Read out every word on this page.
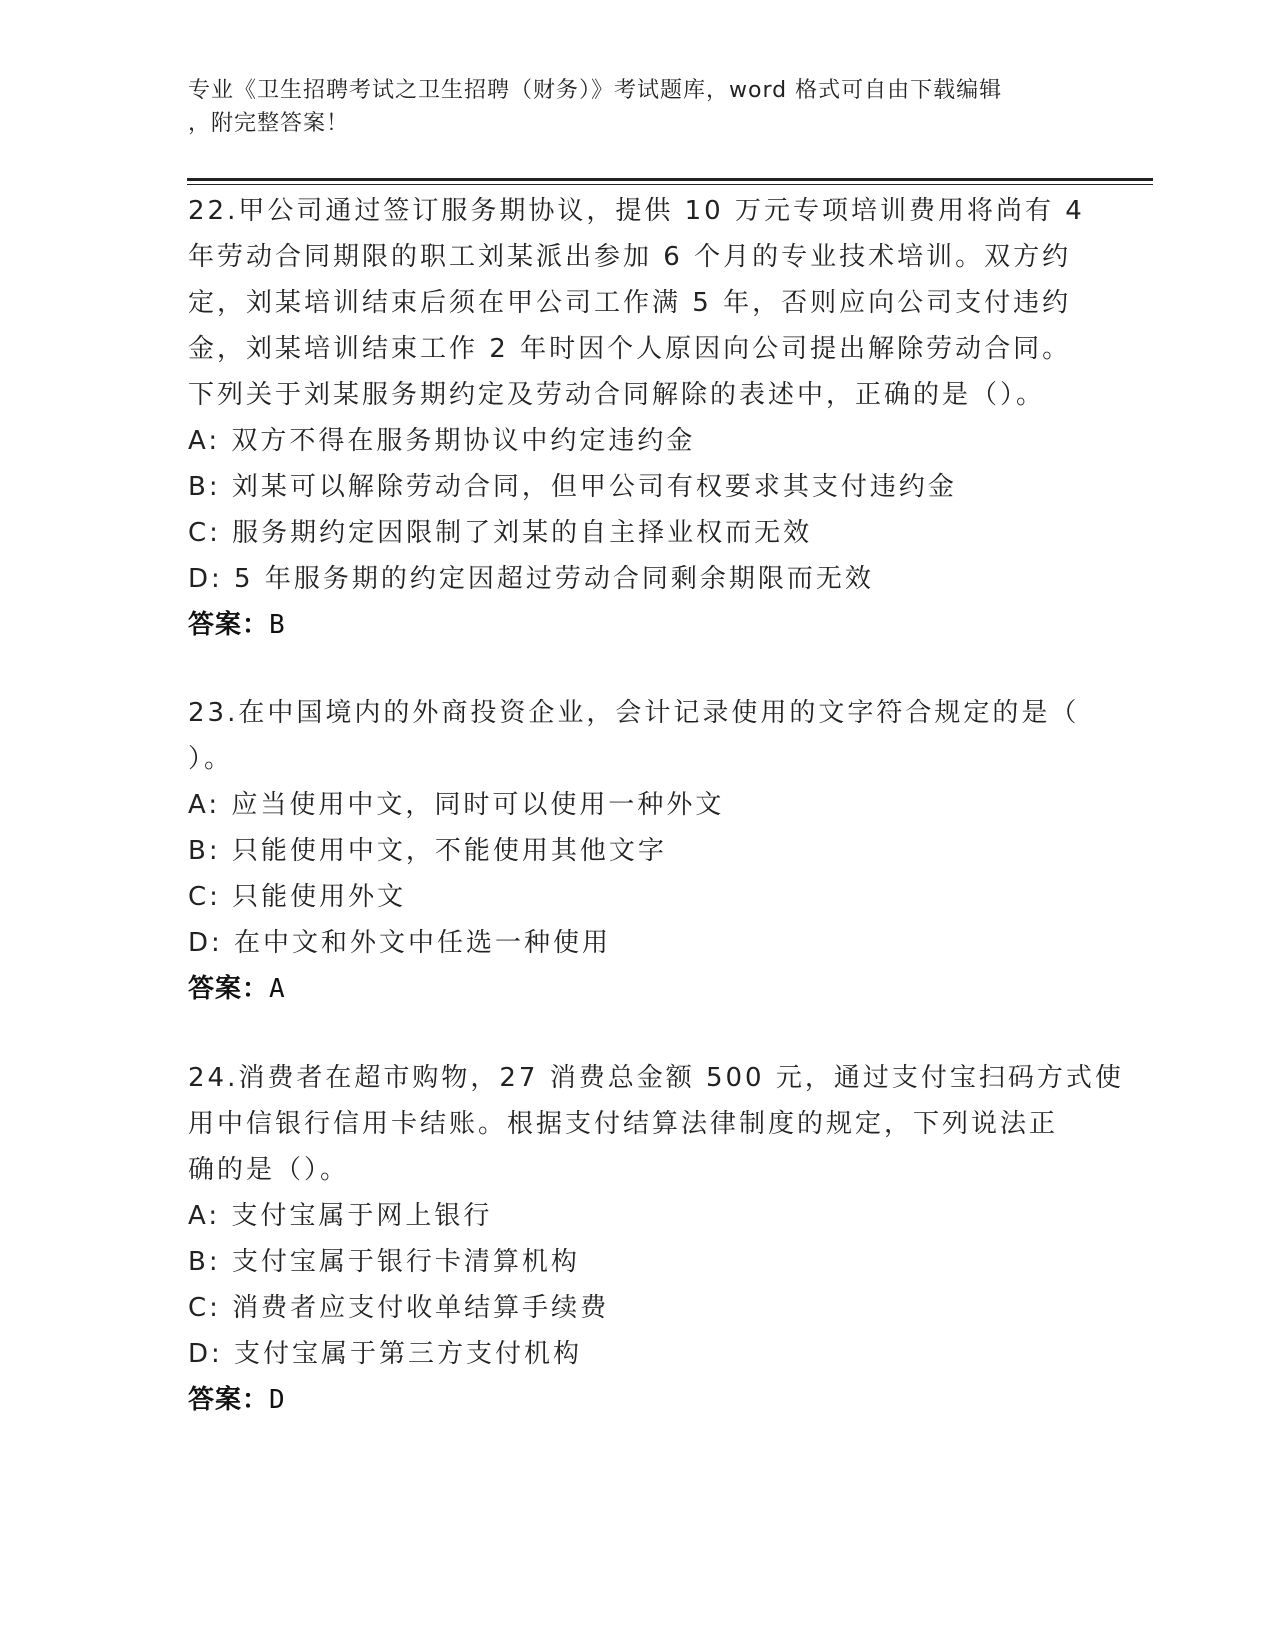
专业《卫生招聘考试之卫生招聘（财务）》考试题库，word 格式可自由下载编辑
，附完整答案！
22.甲公司通过签订服务期协议，提供 10 万元专项培训费用将尚有 4
年劳动合同期限的职工刘某派出参加 6 个月的专业技术培训。双方约
定，刘某培训结束后须在甲公司工作满 5 年，否则应向公司支付违约
金，刘某培训结束工作 2 年时因个人原因向公司提出解除劳动合同。
下列关于刘某服务期约定及劳动合同解除的表述中，正确的是（）。
A: 双方不得在服务期协议中约定违约金
B: 刘某可以解除劳动合同，但甲公司有权要求其支付违约金
C: 服务期约定因限制了刘某的自主择业权而无效
D: 5 年服务期的约定因超过劳动合同剩余期限而无效
答案：B
23.在中国境内的外商投资企业，会计记录使用的文字符合规定的是（
）。
A: 应当使用中文，同时可以使用一种外文
B: 只能使用中文，不能使用其他文字
C: 只能使用外文
D: 在中文和外文中任选一种使用
答案：A
24.消费者在超市购物，27 消费总金额 500 元，通过支付宝扫码方式使
用中信银行信用卡结账。根据支付结算法律制度的规定，下列说法正
确的是（）。
A: 支付宝属于网上银行
B: 支付宝属于银行卡清算机构
C: 消费者应支付收单结算手续费
D: 支付宝属于第三方支付机构
答案：D
